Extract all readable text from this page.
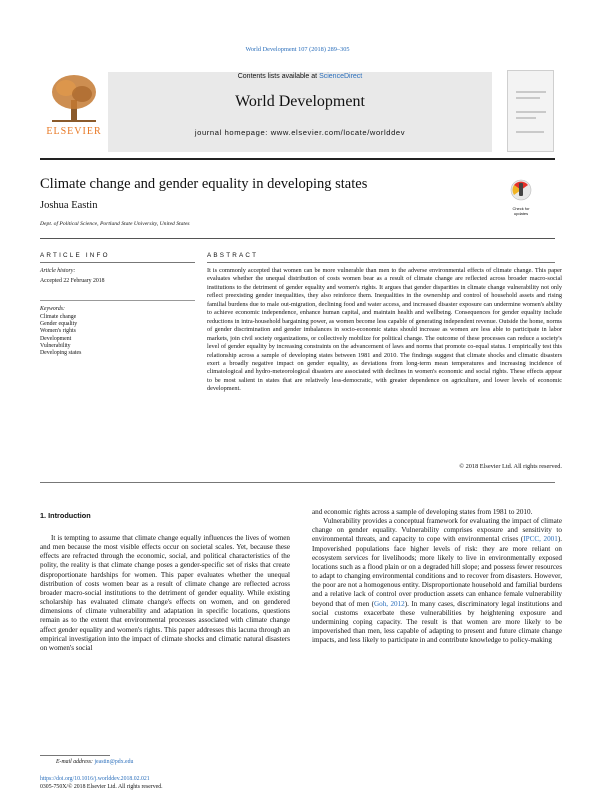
World Development 107 (2018) 289–305
ELSEVIER
Contents lists available at ScienceDirect
World Development
journal homepage: www.elsevier.com/locate/worlddev
Climate change and gender equality in developing states
Check for updates
Joshua Eastin
Dept. of Political Science, Portland State University, United States
ARTICLE INFO
Article history:
Accepted 22 February 2018
Keywords:
Climate change
Gender equality
Women's rights
Development
Vulnerability
Developing states
ABSTRACT
It is commonly accepted that women can be more vulnerable than men to the adverse environmental effects of climate change. This paper evaluates whether the unequal distribution of costs women bear as a result of climate change are reflected across broader macro-social institutions to the detriment of gender equality and women's rights. It argues that gender disparities in climate change vulnerability not only reflect preexisting gender inequalities, they also reinforce them. Inequalities in the ownership and control of household assets and rising familial burdens due to male out-migration, declining food and water access, and increased disaster exposure can undermine women's ability to achieve economic independence, enhance human capital, and maintain health and wellbeing. Consequences for gender equality include reductions in intra-household bargaining power, as women become less capable of generating independent revenue. Outside the home, norms of gender discrimination and gender imbalances in socio-economic status should increase as women are less able to participate in labor markets, join civil society organizations, or collectively mobilize for political change. The outcome of these processes can reduce a society's level of gender equality by increasing constraints on the advancement of laws and norms that promote co-equal status. I empirically test this relationship across a sample of developing states between 1981 and 2010. The findings suggest that climate shocks and climatic disasters exert a broadly negative impact on gender equality, as deviations from long-term mean temperatures and increasing incidence of climatological and hydro-meteorological disasters are associated with declines in women's economic and social rights. These effects appear to be most salient in states that are relatively less-democratic, with greater dependence on agriculture, and lower levels of economic development.
© 2018 Elsevier Ltd. All rights reserved.
1. Introduction

It is tempting to assume that climate change equally influences the lives of women and men because the most visible effects occur on societal scales. Yet, because these effects are refracted through the economic, social, and political characteristics of the polity, the reality is that climate change poses a gender-specific set of risks that create disproportionate hardships for women. This paper evaluates whether the unequal distribution of costs women bear as a result of climate change are reflected across broader macro-social institutions to the detriment of gender equality. While existing scholarship has evaluated climate change's effects on women, and on gendered dimensions of climate vulnerability and adaptation in specific locations, questions remain as to the extent that environmental processes associated with climate change affect gender equality and women's rights. This paper addresses this lacuna through an empirical investigation into the impact of climate shocks and climatic natural disasters on women's social

and economic rights across a sample of developing states from 1981 to 2010.

Vulnerability provides a conceptual framework for evaluating the impact of climate change on gender equality. Vulnerability comprises exposure and sensitivity to environmental threats, and capacity to cope with environmental crises (IPCC, 2001). Impoverished populations face higher levels of risk: they are more reliant on ecosystem services for livelihoods; more likely to live in environmentally exposed locations such as a flood plain or on a degraded hill slope; and possess fewer resources to adapt to changing environmental conditions and to recover from disasters. However, the poor are not a homogenous entity. Disproportionate household and familial burdens and a relative lack of control over production assets can enhance female vulnerability beyond that of men (Goh, 2012). In many cases, discriminatory legal institutions and social customs exacerbate these vulnerabilities by heightening exposure and undermining coping capacity. The result is that women are more likely to be impoverished than men, less capable of adapting to present and future climate change impacts, and less likely to participate in and contribute knowledge to policy-making

E-mail address: jeastin@pdx.edu
https://doi.org/10.1016/j.worlddev.2018.02.021
0305-750X/© 2018 Elsevier Ltd. All rights reserved.
